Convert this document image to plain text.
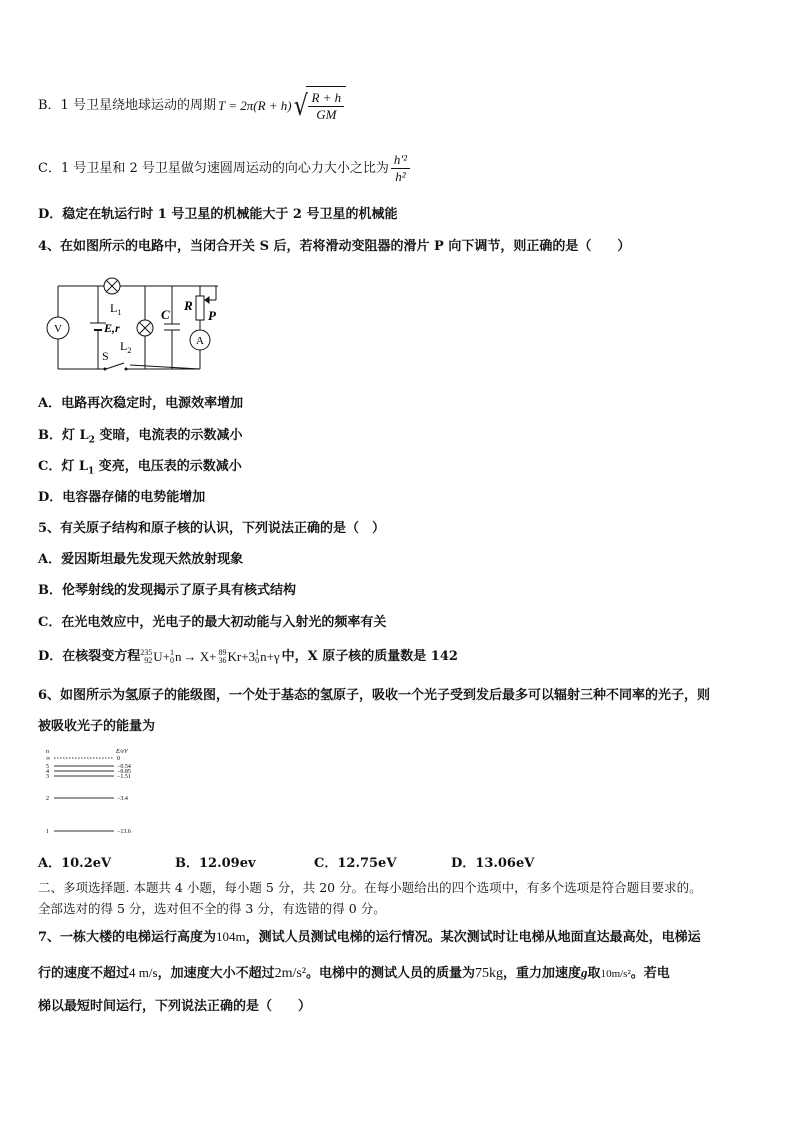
B．1 号卫星绕地球运动的周期 T = 2π(R + h) √ $\frac{R + h}{GM}$
C．1 号卫星和 2 号卫星做匀速圆周运动的向心力大小之比为 $\frac{\text{h'²}}{\text{h²}}$
D．稳定在轨运行时 1 号卫星的机械能大于 2 号卫星的机械能
4、在如图所示的电路中，当闭合开关 S 后，若将滑动变阻器的滑片 P 向下调节，则正确的是（　　）
V	E,r
$L_1$
$L_2$
S
C
R
P
A
A．电路再次稳定时，电源效率增加
B．灯 $L_2$ 变暗，电流表的示数减小
C．灯 $L_1$ 变亮，电压表的示数减小
D．电容器存储的电势能增加
5、有关原子结构和原子核的认识，下列说法正确的是（　）
A．爱因斯坦最先发现天然放射现象
B．伦琴射线的发现揭示了原子具有核式结构
C．在光电效应中，光电子的最大初动能与入射光的频率有关
D．在核裂变方程 235
92 U + 1
0 n → X+ 89
36 Kr +3 1
0 n+γ 中，X 原子核的质量数是 142
6、如图所示为氢原子的能级图，一个处于基态的氢原子，吸收一个光子受到发后最多可以辐射三种不同率的光子，则
被吸收光子的能量为
n	E/eV
∞	0
5	−0.54
4	−0.85
3	−1.51
2	−3.4
1	−13.6
A．10.2eV	B．12.09ev	C．12.75eV	D．13.06eV
二、多项选择题. 本题共 4 小题，每小题 5 分，共 20 分。在每小题给出的四个选项中，有多个选项是符合题目要求的。
全部选对的得 5 分，选对但不全的得 3 分，有选错的得 0 分。
7、一栋大楼的电梯运行高度为104m，测试人员测试电梯的运行情况。某次测试时让电梯从地面直达最高处，电梯运
行的速度不超过4 m/s，加速度大小不超过2m/s²。电梯中的测试人员的质量为75kg，重力加速度g取10m/s²。若电
梯以最短时间运行，下列说法正确的是（　　）
